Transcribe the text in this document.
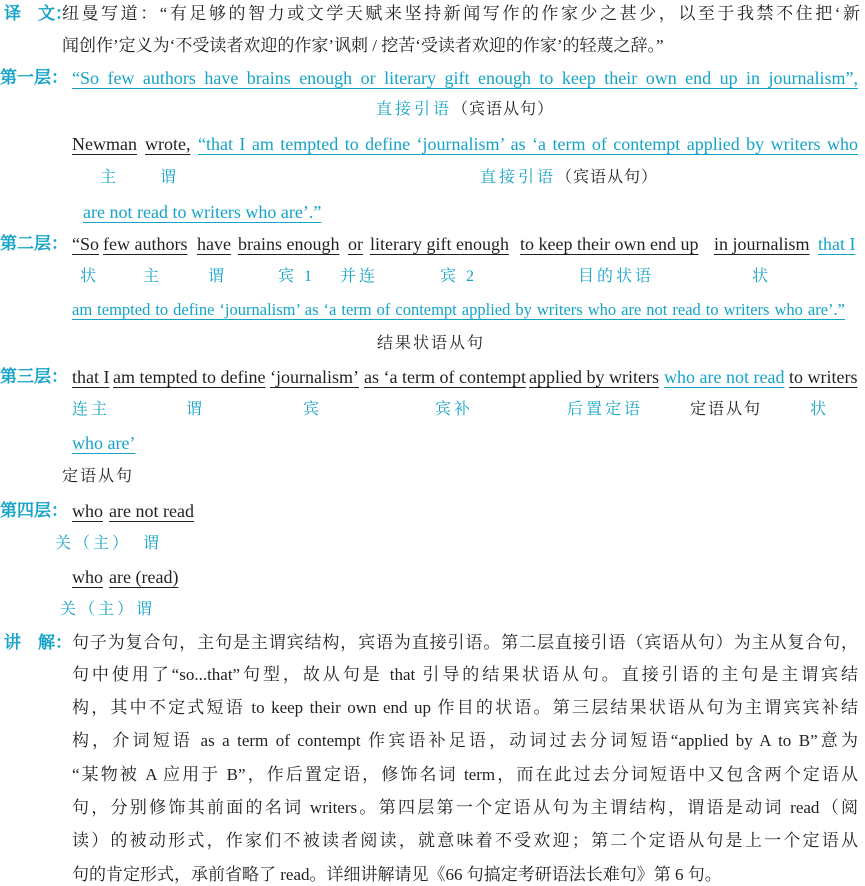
译　文：
纽曼写道：“有足够的智力或文学天赋来坚持新闻写作的作家少之甚少，以至于我禁不住把‘新
闻创作’定义为‘不受读者欢迎的作家’讽刺 / 挖苦‘受读者欢迎的作家’的轻蔑之辞。”
第一层： “So few authors have brains enough or literary gift enough to keep their own end up in journalism”,
直接引语（宾语从句）
Newman wrote, “that I am tempted to define ‘journalism’ as ‘a term of contempt applied by writers who
主	谓	直接引语（宾语从句）
are not read to writers who are’.”
第二层： “So few authors have brains enough or literary gift enough to keep their own end up in journalism that I
状	主	谓	宾 1 并连	宾 2	目的状语	状
am tempted to define ‘journalism’ as ‘a term of contempt applied by writers who are not read to writers who are’.”
结果状语从句
第三层： that I am tempted to define ‘journalism’ as ‘a term of contempt applied by writers who are not read to writers
连主	谓	宾	宾补	后置定语	定语从句	状
who are’
定语从句
第四层： who are not read
关（主） 谓
who are (read)
关（主）谓
讲　解： 句子为复合句，主句是主谓宾结构，宾语为直接引语。第二层直接引语（宾语从句）为主从复合句，
句中使用了“so...that”句型，故从句是 that 引导的结果状语从句。直接引语的主句是主谓宾结
构，其中不定式短语 to keep their own end up 作目的状语。第三层结果状语从句为主谓宾宾补结
构，介词短语 as a term of contempt 作宾语补足语，动词过去分词短语“applied by A to B”意为
“某物被 A 应用于 B”，作后置定语，修饰名词 term，而在此过去分词短语中又包含两个定语从
句，分别修饰其前面的名词 writers。第四层第一个定语从句为主谓结构，谓语是动词 read（阅
读）的被动形式，作家们不被读者阅读，就意味着不受欢迎；第二个定语从句是上一个定语从
句的肯定形式，承前省略了 read。详细讲解请见《66 句搞定考研语法长难句》第 6 句。
